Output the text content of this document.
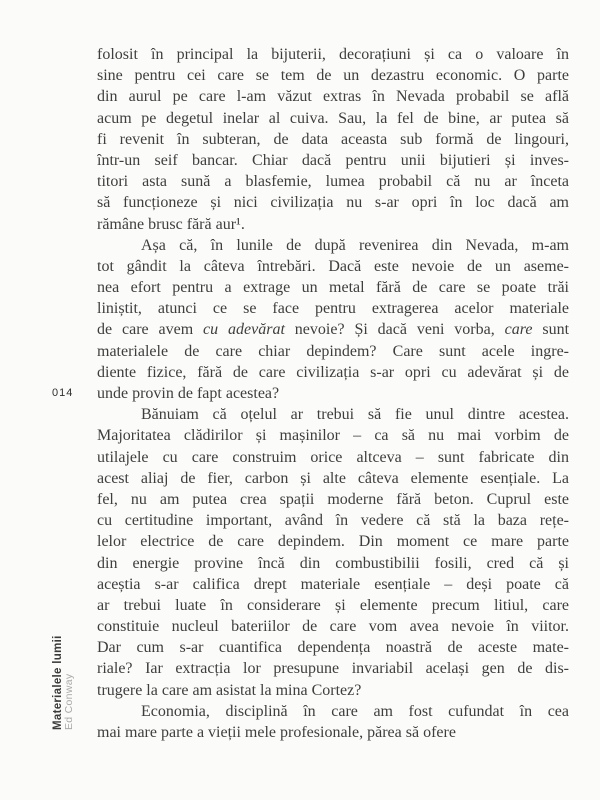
014
Materialele lumii Ed Conway
folosit în principal la bijuterii, decorațiuni și ca o valoare în
sine pentru cei care se tem de un dezastru economic. O parte
din aurul pe care l-am văzut extras în Nevada probabil se află
acum pe degetul inelar al cuiva. Sau, la fel de bine, ar putea să
fi revenit în subteran, de data aceasta sub formă de lingouri,
într-un seif bancar. Chiar dacă pentru unii bijutieri și inves-
titori asta sună a blasfemie, lumea probabil că nu ar înceta
să funcționeze și nici civilizația nu s-ar opri în loc dacă am
rămâne brusc fără aur¹.
Așa că, în lunile de după revenirea din Nevada, m-am
tot gândit la câteva întrebări. Dacă este nevoie de un aseme-
nea efort pentru a extrage un metal fără de care se poate trăi
liniștit, atunci ce se face pentru extragerea acelor materiale
de care avem cu adevărat nevoie? Și dacă veni vorba, care sunt
materialele de care chiar depindem? Care sunt acele ingre-
diente fizice, fără de care civilizația s-ar opri cu adevărat și de
unde provin de fapt acestea?
Bănuiam că oțelul ar trebui să fie unul dintre acestea.
Majoritatea clădirilor și mașinilor – ca să nu mai vorbim de
utilajele cu care construim orice altceva – sunt fabricate din
acest aliaj de fier, carbon și alte câteva elemente esențiale. La
fel, nu am putea crea spații moderne fără beton. Cuprul este
cu certitudine important, având în vedere că stă la baza rețe-
lelor electrice de care depindem. Din moment ce mare parte
din energie provine încă din combustibilii fosili, cred că și
aceștia s-ar califica drept materiale esențiale – deși poate că
ar trebui luate în considerare și elemente precum litiul, care
constituie nucleul bateriilor de care vom avea nevoie în viitor.
Dar cum s-ar cuantifica dependența noastră de aceste mate-
riale? Iar extracția lor presupune invariabil același gen de dis-
trugere la care am asistat la mina Cortez?
Economia, disciplină în care am fost cufundat în cea
mai mare parte a vieții mele profesionale, părea să ofere
